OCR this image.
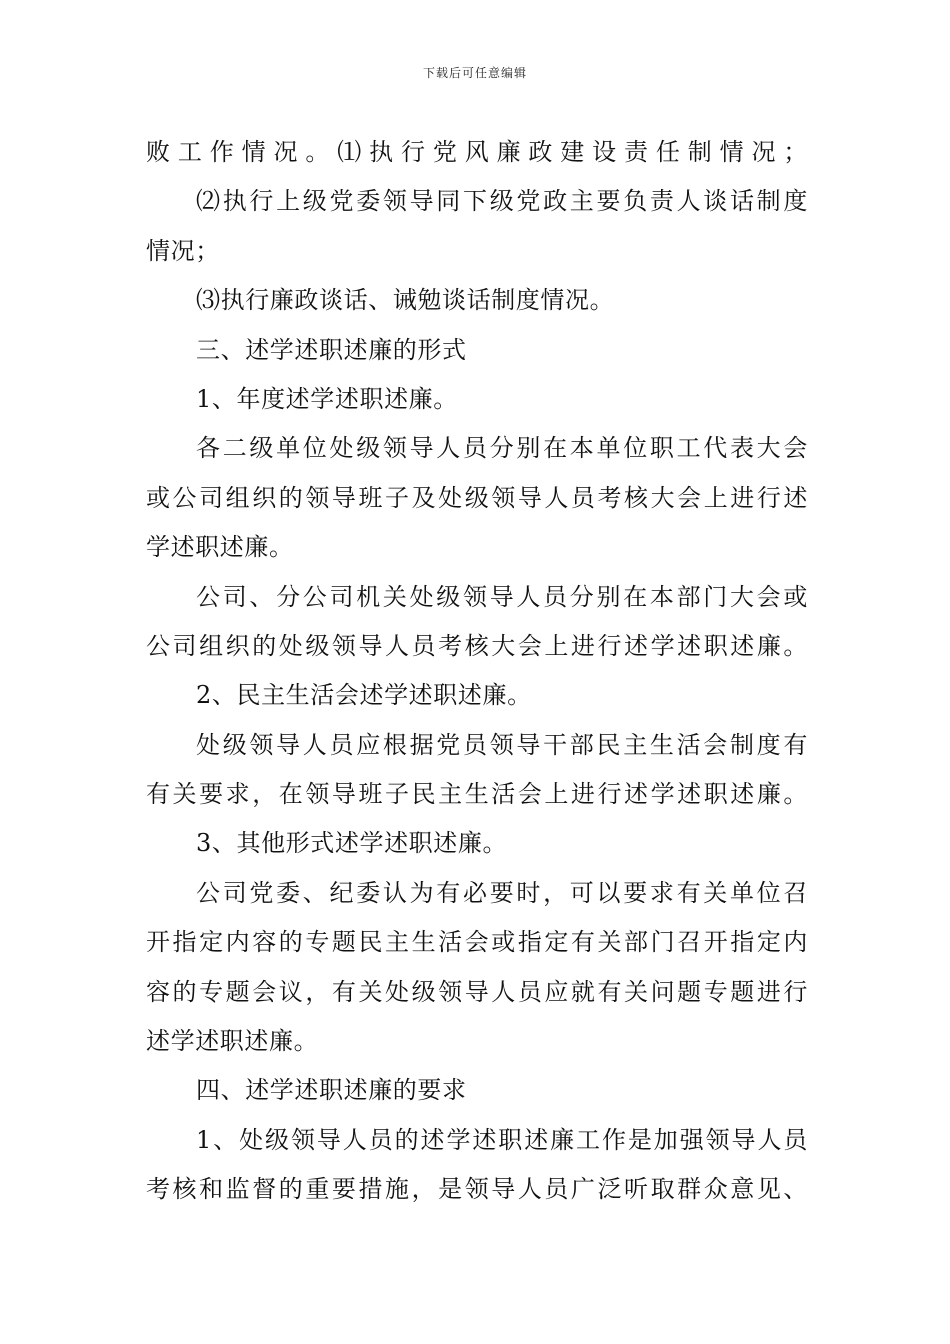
下载后可任意编辑
败工作情况。⑴执行党风廉政建设责任制情况；
⑵执行上级党委领导同下级党政主要负责人谈话制度
情况；
⑶执行廉政谈话、诫勉谈话制度情况。
三、述学述职述廉的形式
1、年度述学述职述廉。
各二级单位处级领导人员分别在本单位职工代表大会
或公司组织的领导班子及处级领导人员考核大会上进行述
学述职述廉。
公司、分公司机关处级领导人员分别在本部门大会或
公司组织的处级领导人员考核大会上进行述学述职述廉。
2、民主生活会述学述职述廉。
处级领导人员应根据党员领导干部民主生活会制度有
有关要求，在领导班子民主生活会上进行述学述职述廉。
3、其他形式述学述职述廉。
公司党委、纪委认为有必要时，可以要求有关单位召
开指定内容的专题民主生活会或指定有关部门召开指定内
容的专题会议，有关处级领导人员应就有关问题专题进行
述学述职述廉。
四、述学述职述廉的要求
1、处级领导人员的述学述职述廉工作是加强领导人员
考核和监督的重要措施，是领导人员广泛听取群众意见、
